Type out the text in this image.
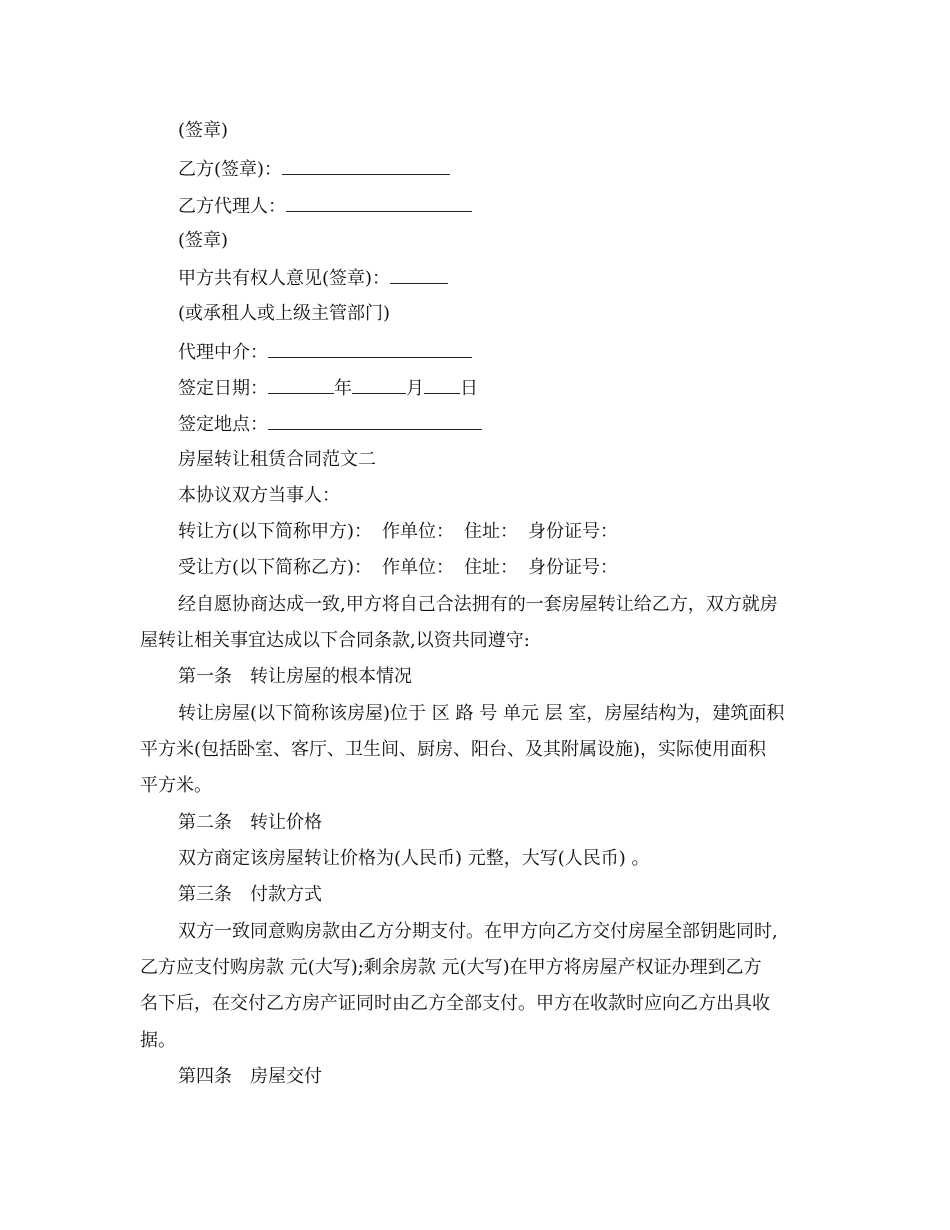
(签章)
乙方(签章)：
乙方代理人：
(签章)
甲方共有权人意见(签章)：
(或承租人或上级主管部门)
代理中介：
签定日期：	年	月 日
签定地点：
房屋转让租赁合同范文二
本协议双方当事人：
转让方(以下简称甲方)： 作单位： 住址： 身份证号：
受让方(以下简称乙方)： 作单位： 住址： 身份证号：
经自愿协商达成一致,甲方将自己合法拥有的一套房屋转让给乙方，双方就房
屋转让相关事宜达成以下合同条款,以资共同遵守:
第一条 转让房屋的根本情况
转让房屋(以下简称该房屋)位于 区 路 号 单元 层 室，房屋结构为，建筑面积
平方米(包括卧室、客厅、卫生间、厨房、阳台、及其附属设施)，实际使用面积
平方米。
第二条 转让价格
双方商定该房屋转让价格为(人民币) 元整，大写(人民币) 。
第三条 付款方式
双方一致同意购房款由乙方分期支付。在甲方向乙方交付房屋全部钥匙同时,
乙方应支付购房款 元(大写);剩余房款 元(大写)在甲方将房屋产权证办理到乙方
名下后，在交付乙方房产证同时由乙方全部支付。甲方在收款时应向乙方出具收
据。
第四条 房屋交付
